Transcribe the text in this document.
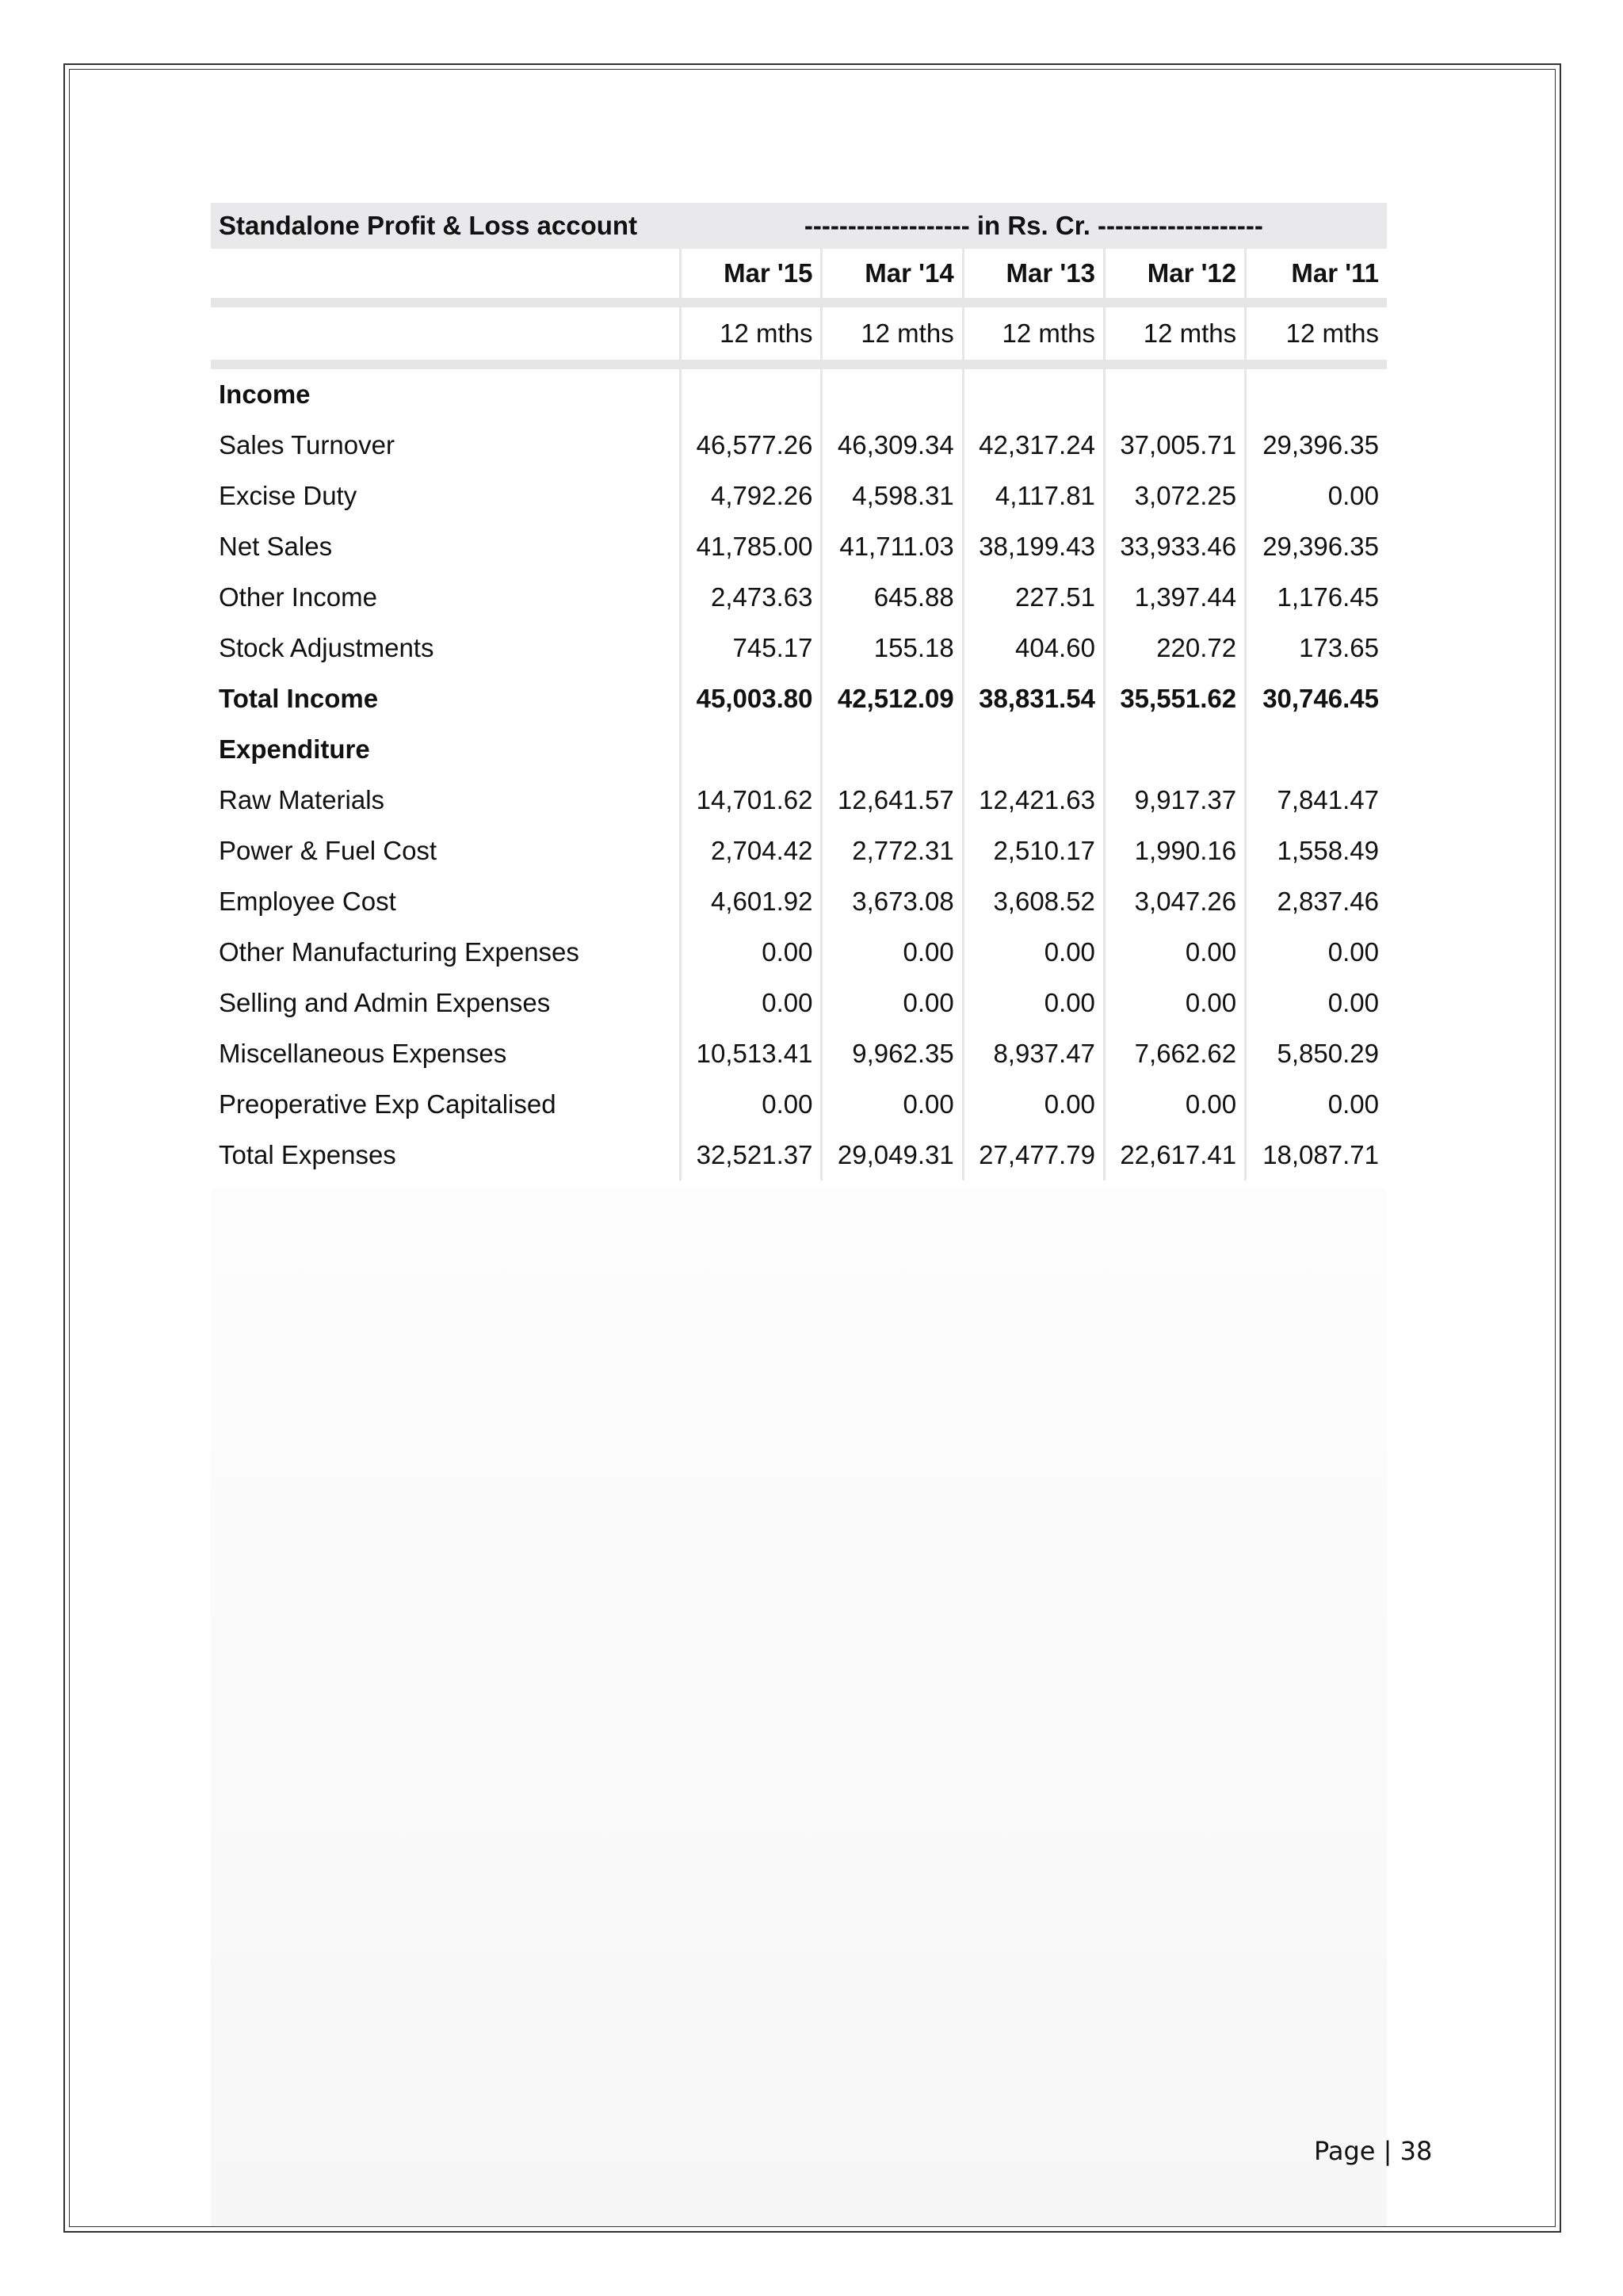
Standalone Profit & Loss account	------------------- in Rs. Cr. -------------------				
	Mar '15	Mar '14	Mar '13	Mar '12	Mar '11

	12 mths	12 mths	12 mths	12 mths	12 mths

Income					
Sales Turnover	46,577.26	46,309.34	42,317.24	37,005.71	29,396.35
Excise Duty	4,792.26	4,598.31	4,117.81	3,072.25	0.00
Net Sales	41,785.00	41,711.03	38,199.43	33,933.46	29,396.35
Other Income	2,473.63	645.88	227.51	1,397.44	1,176.45
Stock Adjustments	745.17	155.18	404.60	220.72	173.65
Total Income	45,003.80	42,512.09	38,831.54	35,551.62	30,746.45
Expenditure					
Raw Materials	14,701.62	12,641.57	12,421.63	9,917.37	7,841.47
Power & Fuel Cost	2,704.42	2,772.31	2,510.17	1,990.16	1,558.49
Employee Cost	4,601.92	3,673.08	3,608.52	3,047.26	2,837.46
Other Manufacturing Expenses	0.00	0.00	0.00	0.00	0.00
Selling and Admin Expenses	0.00	0.00	0.00	0.00	0.00
Miscellaneous Expenses	10,513.41	9,962.35	8,937.47	7,662.62	5,850.29
Preoperative Exp Capitalised	0.00	0.00	0.00	0.00	0.00
Total Expenses	32,521.37	29,049.31	27,477.79	22,617.41	18,087.71
Page | 38
